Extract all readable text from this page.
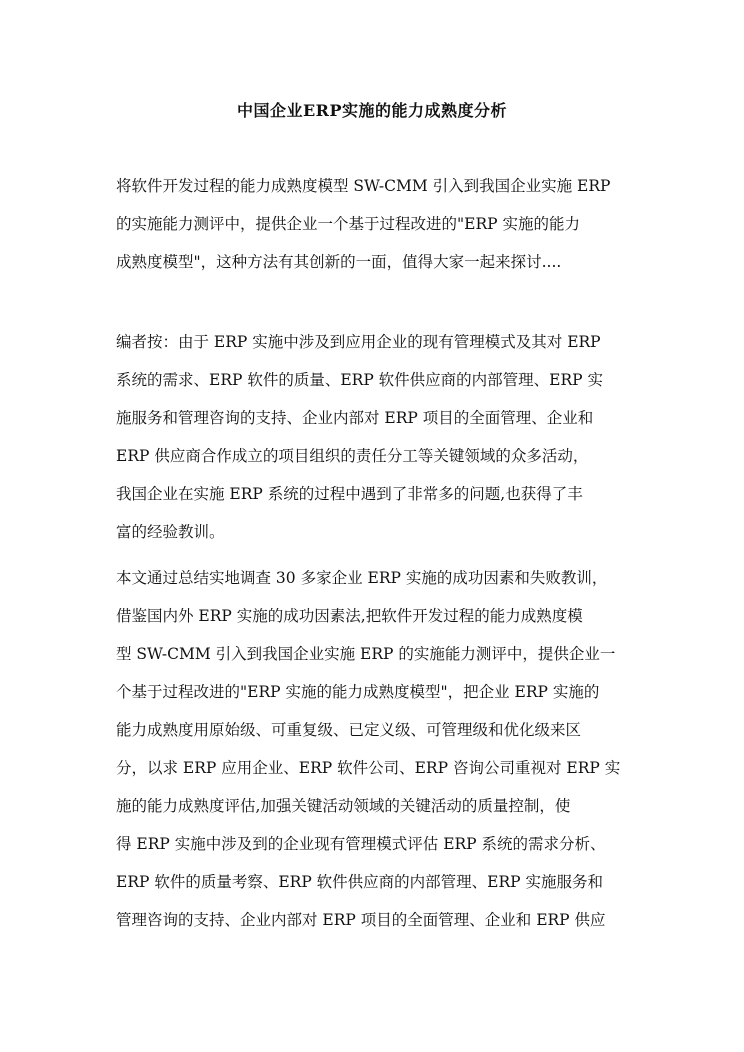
中国企业ERP实施的能力成熟度分析

将软件开发过程的能力成熟度模型 SW-CMM 引入到我国企业实施 ERP

的实施能力测评中，提供企业一个基于过程改进的"ERP 实施的能力

成熟度模型"，这种方法有其创新的一面，值得大家一起来探讨....

编者按：由于 ERP 实施中涉及到应用企业的现有管理模式及其对 ERP

系统的需求、ERP 软件的质量、ERP 软件供应商的内部管理、ERP 实

施服务和管理咨询的支持、企业内部对 ERP 项目的全面管理、企业和

ERP 供应商合作成立的项目组织的责任分工等关键领域的众多活动，

我国企业在实施 ERP 系统的过程中遇到了非常多的问题,也获得了丰

富的经验教训。

本文通过总结实地调查 30 多家企业 ERP 实施的成功因素和失败教训，

借鉴国内外 ERP 实施的成功因素法,把软件开发过程的能力成熟度模

型 SW-CMM 引入到我国企业实施 ERP 的实施能力测评中，提供企业一

个基于过程改进的"ERP 实施的能力成熟度模型"，把企业 ERP 实施的

能力成熟度用原始级、可重复级、已定义级、可管理级和优化级来区

分，以求 ERP 应用企业、ERP 软件公司、ERP 咨询公司重视对 ERP 实

施的能力成熟度评估,加强关键活动领域的关键活动的质量控制，使

得 ERP 实施中涉及到的企业现有管理模式评估 ERP 系统的需求分析、

ERP 软件的质量考察、ERP 软件供应商的内部管理、ERP 实施服务和

管理咨询的支持、企业内部对 ERP 项目的全面管理、企业和 ERP 供应
